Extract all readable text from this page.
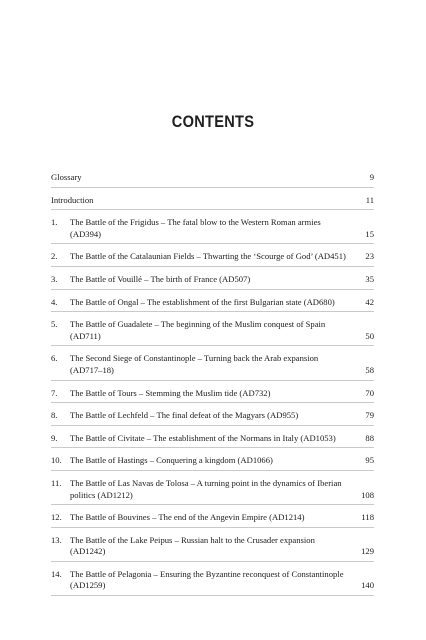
CONTENTS
Glossary	9
Introduction	11
1.	The Battle of the Frigidus – The fatal blow to the Western Roman armies (AD394)	15
2.	The Battle of the Catalaunian Fields – Thwarting the ‘Scourge of God’ (AD451)	23
3.	The Battle of Vouillé – The birth of France (AD507)	35
4.	The Battle of Ongal – The establishment of the first Bulgarian state (AD680)	42
5.	The Battle of Guadalete – The beginning of the Muslim conquest of Spain (AD711)	50
6.	The Second Siege of Constantinople – Turning back the Arab expansion (AD717–18)	58
7.	The Battle of Tours – Stemming the Muslim tide (AD732)	70
8.	The Battle of Lechfeld – The final defeat of the Magyars (AD955)	79
9.	The Battle of Civitate – The establishment of the Normans in Italy (AD1053)	88
10. The Battle of Hastings – Conquering a kingdom (AD1066)	95
11. The Battle of Las Navas de Tolosa – A turning point in the dynamics of Iberian politics (AD1212)	108
12. The Battle of Bouvines – The end of the Angevin Empire (AD1214)	118
13. The Battle of the Lake Peipus – Russian halt to the Crusader expansion (AD1242)	129
14. The Battle of Pelagonia – Ensuring the Byzantine reconquest of Constantinople (AD1259)	140
